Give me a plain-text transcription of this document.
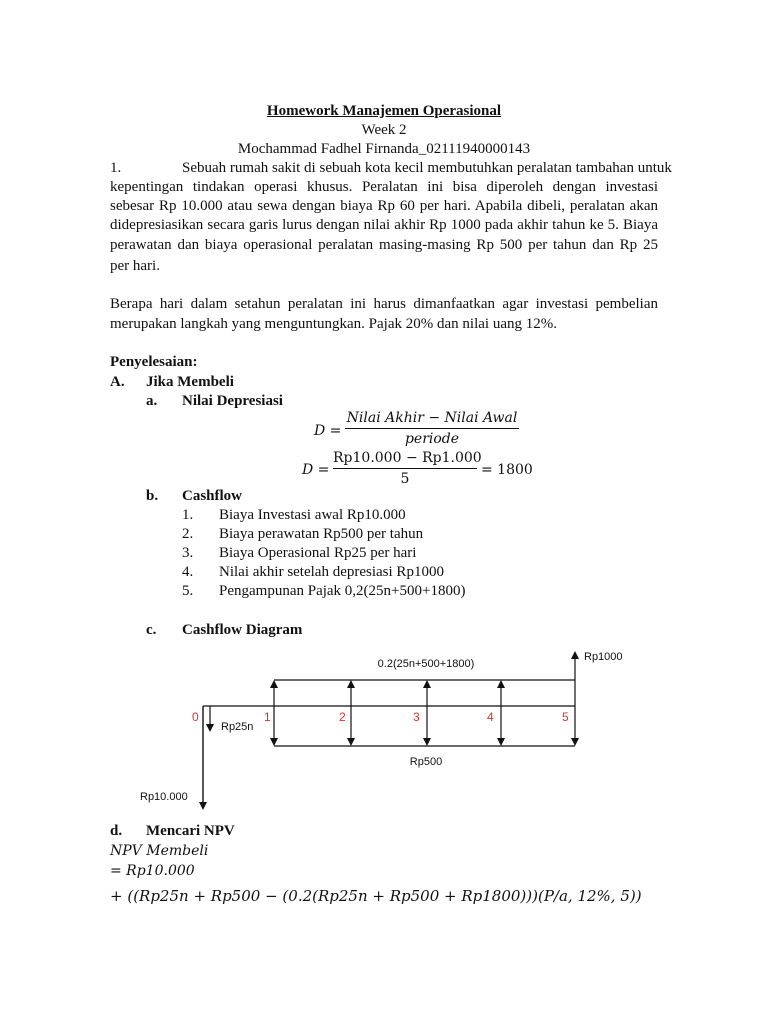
Homework Manajemen Operasional
Week 2
Mochammad Fadhel Firnanda_02111940000143
1.	Sebuah rumah sakit di sebuah kota kecil membutuhkan peralatan tambahan untuk
kepentingan tindakan operasi khusus. Peralatan ini bisa diperoleh dengan investasi
sebesar Rp 10.000 atau sewa dengan biaya Rp 60 per hari. Apabila dibeli, peralatan akan
didepresiasikan secara garis lurus dengan nilai akhir Rp 1000 pada akhir tahun ke 5. Biaya
perawatan dan biaya operasional peralatan masing-masing Rp 500 per tahun dan Rp 25
per hari.
Berapa hari dalam setahun peralatan ini harus dimanfaatkan agar investasi pembelian
merupakan langkah yang menguntungkan. Pajak 20% dan nilai uang 12%.
Penyelesaian:
A. Jika Membeli
a. Nilai Depresiasi
D =
Nilai Akhir − Nilai Awal
periode
D =
Rp10.000 − Rp1.000
5
= 1800
b. Cashflow
1. Biaya Investasi awal Rp10.000
2. Biaya perawatan Rp500 per tahun
3. Biaya Operasional Rp25 per hari
4. Nilai akhir setelah depresiasi Rp1000
5. Pengampunan Pajak 0,2(25n+500+1800)
c. Cashflow Diagram
0.2(25n+500+1800)
Rp1000
Rp25n
Rp500
Rp10.000
0	1	2	3	4	5
d. Mencari NPV
NPV Membeli
= Rp10.000
+ ((Rp25n + Rp500 − (0.2(Rp25n + Rp500 + Rp1800)))(P/a, 12%, 5))
